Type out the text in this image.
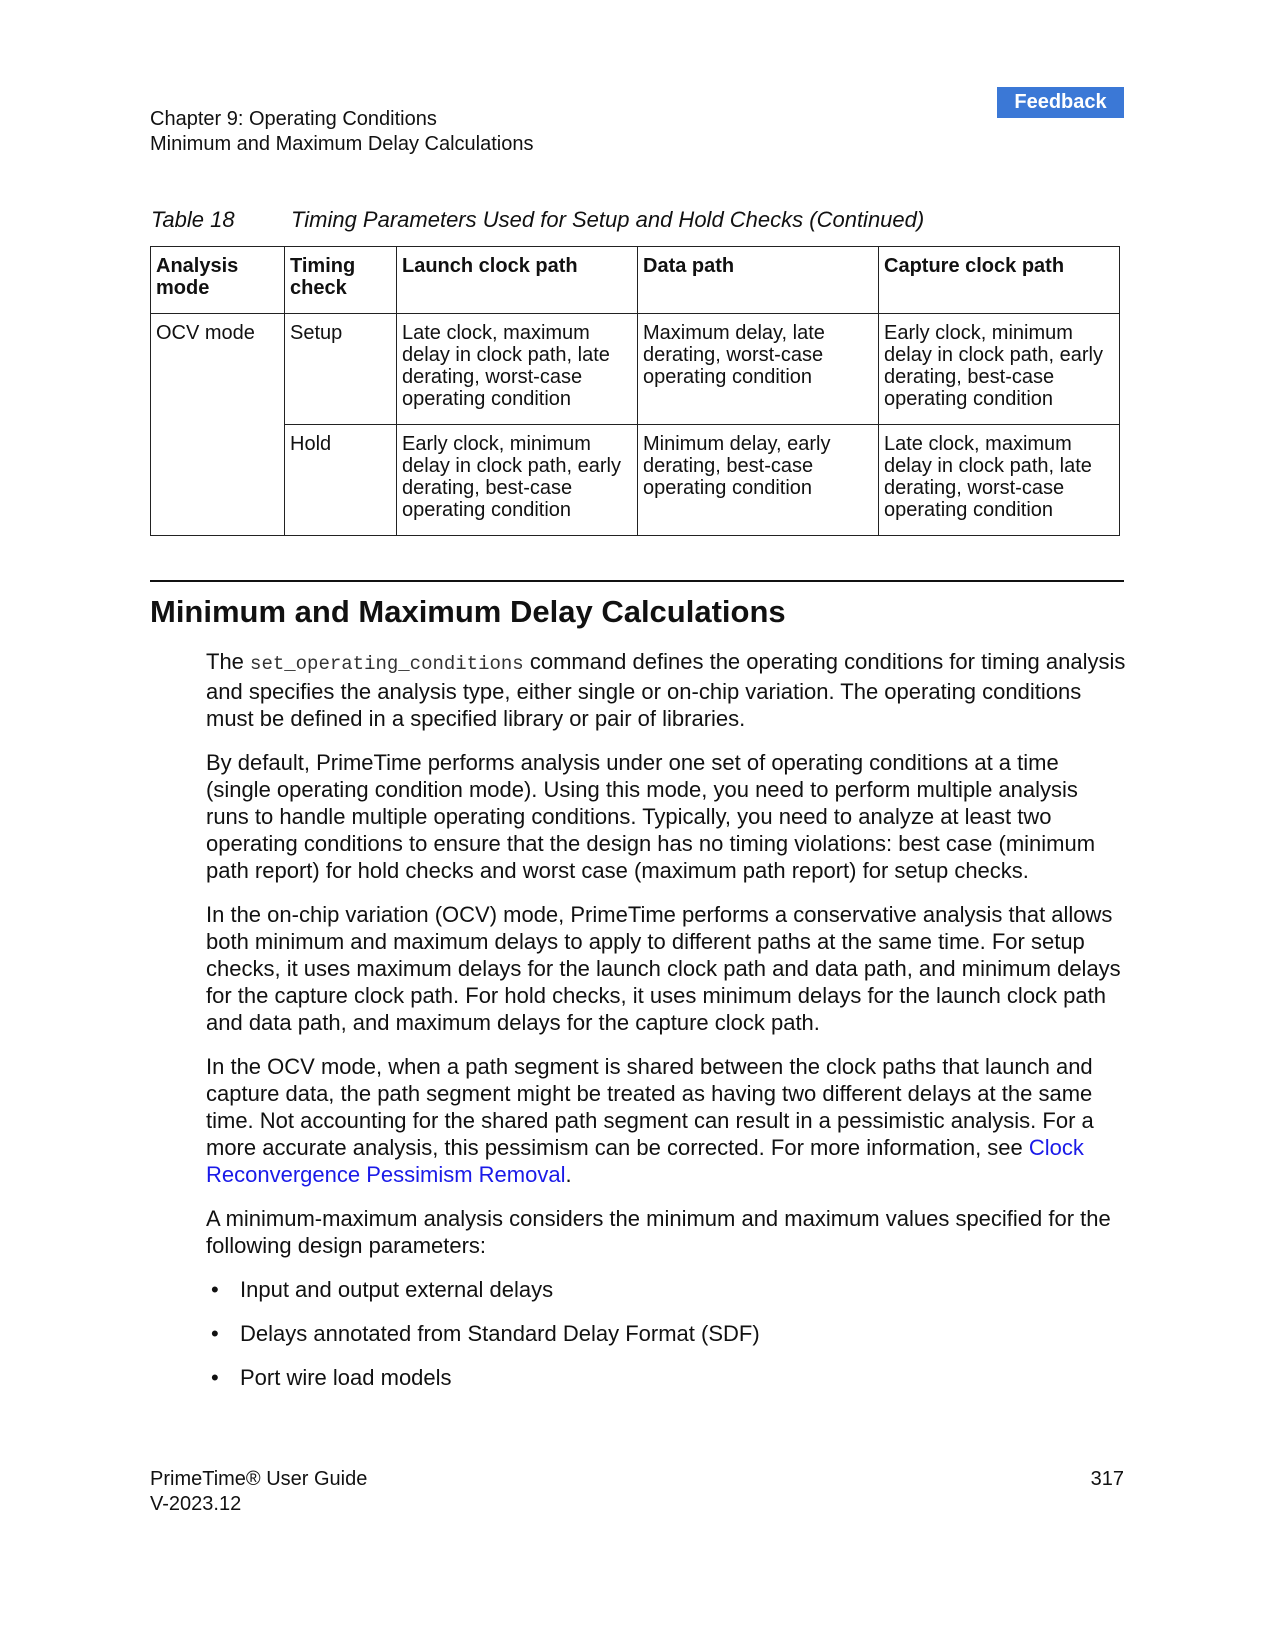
Feedback
Chapter 9: Operating Conditions
Minimum and Maximum Delay Calculations
Table 18	Timing Parameters Used for Setup and Hold Checks (Continued)
Analysis mode	Timing check	Launch clock path	Data path	Capture clock path
OCV mode	Setup	Late clock, maximum delay in clock path, late derating, worst-case operating condition	Maximum delay, late derating, worst-case operating condition	Early clock, minimum delay in clock path, early derating, best-case operating condition
	Hold	Early clock, minimum delay in clock path, early derating, best-case operating condition	Minimum delay, early derating, best-case operating condition	Late clock, maximum delay in clock path, late derating, worst-case operating condition
Minimum and Maximum Delay Calculations

The set_operating_conditions command defines the operating conditions for timing analysis and specifies the analysis type, either single or on-chip variation. The operating conditions must be defined in a specified library or pair of libraries.

By default, PrimeTime performs analysis under one set of operating conditions at a time (single operating condition mode). Using this mode, you need to perform multiple analysis runs to handle multiple operating conditions. Typically, you need to analyze at least two operating conditions to ensure that the design has no timing violations: best case (minimum path report) for hold checks and worst case (maximum path report) for setup checks.

In the on-chip variation (OCV) mode, PrimeTime performs a conservative analysis that allows both minimum and maximum delays to apply to different paths at the same time. For setup checks, it uses maximum delays for the launch clock path and data path, and minimum delays for the capture clock path. For hold checks, it uses minimum delays for the launch clock path and data path, and maximum delays for the capture clock path.

In the OCV mode, when a path segment is shared between the clock paths that launch and capture data, the path segment might be treated as having two different delays at the same time. Not accounting for the shared path segment can result in a pessimistic analysis. For a more accurate analysis, this pessimism can be corrected. For more information, see Clock Reconvergence Pessimism Removal.

A minimum-maximum analysis considers the minimum and maximum values specified for the following design parameters:

• Input and output external delays
• Delays annotated from Standard Delay Format (SDF)
• Port wire load models
PrimeTime® User Guide
V-2023.12
317
